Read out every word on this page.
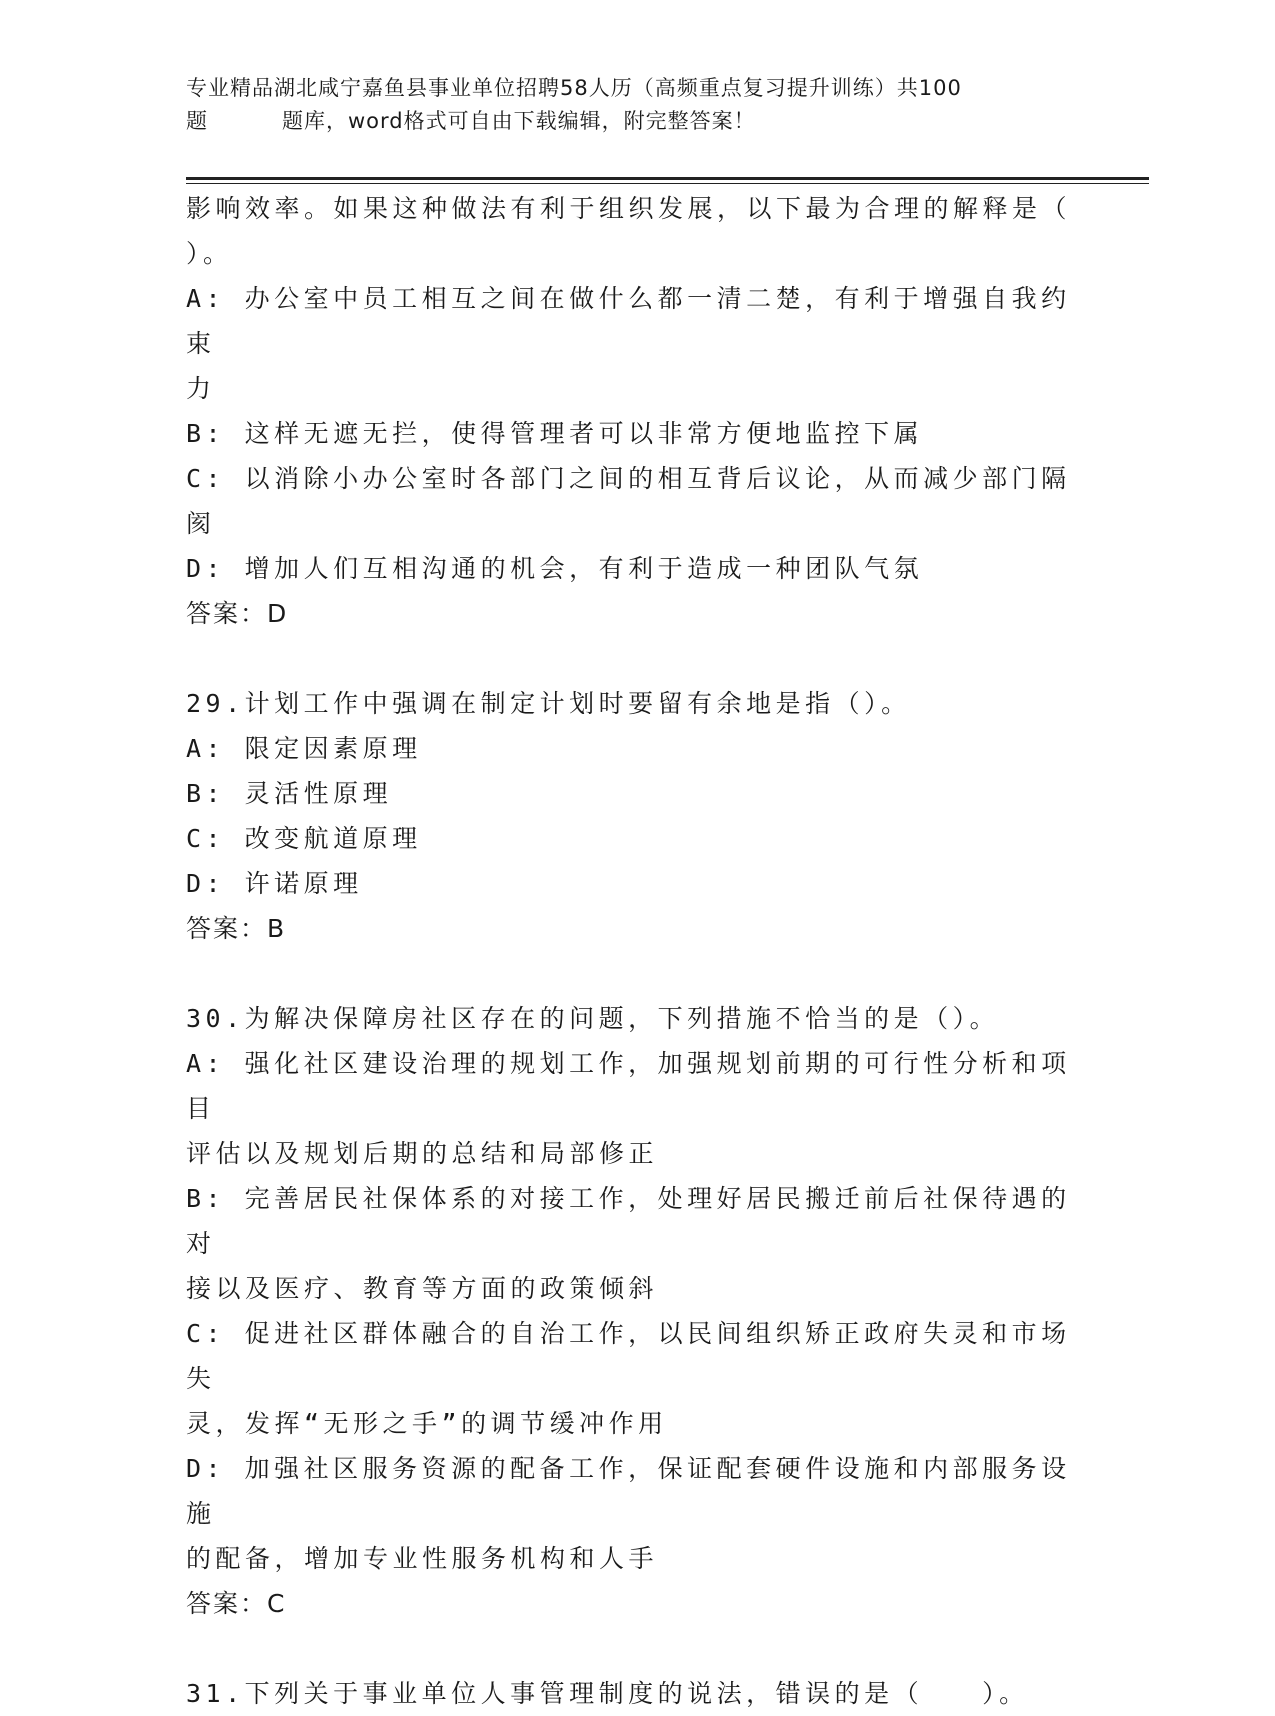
专业精品湖北咸宁嘉鱼县事业单位招聘58人历（高频重点复习提升训练）共100
题	题库，word格式可自由下载编辑，附完整答案！

影响效率。如果这种做法有利于组织发展，以下最为合理的解释是（

）。

A: 办公室中员工相互之间在做什么都一清二楚，有利于增强自我约束

力

B: 这样无遮无拦，使得管理者可以非常方便地监控下属

C: 以消除小办公室时各部门之间的相互背后议论，从而减少部门隔阂

D: 增加人们互相沟通的机会，有利于造成一种团队气氛

答案：D

29.计划工作中强调在制定计划时要留有余地是指（）。

A: 限定因素原理

B: 灵活性原理

C: 改变航道原理

D: 许诺原理

答案：B

30.为解决保障房社区存在的问题，下列措施不恰当的是（）。

A: 强化社区建设治理的规划工作，加强规划前期的可行性分析和项目

评估以及规划后期的总结和局部修正

B: 完善居民社保体系的对接工作，处理好居民搬迁前后社保待遇的对

接以及医疗、教育等方面的政策倾斜

C: 促进社区群体融合的自治工作，以民间组织矫正政府失灵和市场失

灵，发挥“无形之手”的调节缓冲作用

D: 加强社区服务资源的配备工作，保证配套硬件设施和内部服务设施

的配备，增加专业性服务机构和人手

答案：C

31.下列关于事业单位人事管理制度的说法，错误的是（　　）。
